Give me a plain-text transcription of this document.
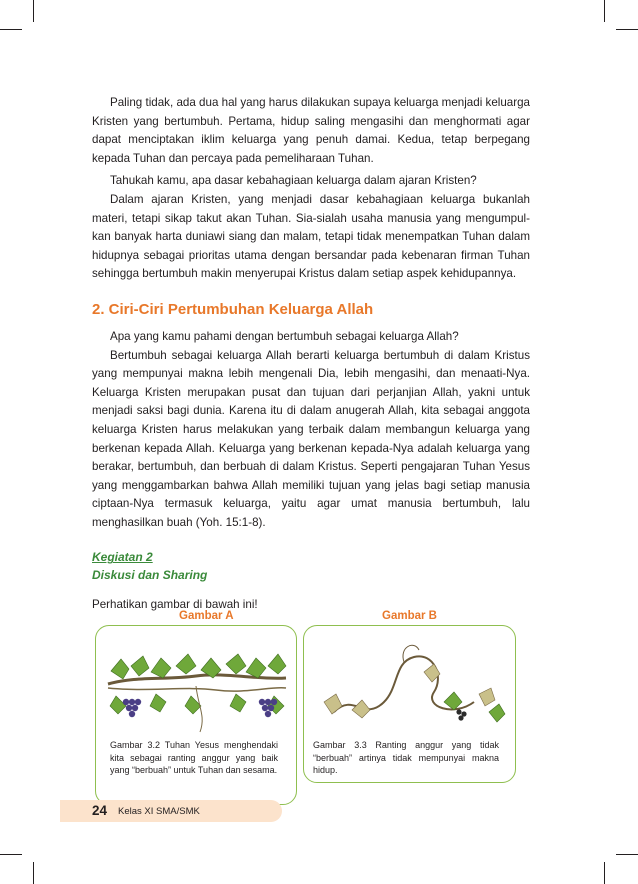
Paling tidak, ada dua hal yang harus dilakukan supaya keluarga menjadi keluarga Kristen yang bertumbuh. Pertama, hidup saling mengasihi dan menghormati agar dapat menciptakan iklim keluarga yang penuh damai. Kedua, tetap berpegang kepada Tuhan dan percaya pada pemeliharaan Tuhan.

Tahukah kamu, apa dasar kebahagiaan keluarga dalam ajaran Kristen?

Dalam ajaran Kristen, yang menjadi dasar kebahagiaan keluarga bukanlah materi, tetapi sikap takut akan Tuhan. Sia-sialah usaha manusia yang mengumpul-kan banyak harta duniawi siang dan malam, tetapi tidak menempatkan Tuhan dalam hidupnya sebagai prioritas utama dengan bersandar pada kebenaran firman Tuhan sehingga bertumbuh makin menyerupai Kristus dalam setiap aspek kehidupannya.

2. Ciri-Ciri Pertumbuhan Keluarga Allah

Apa yang kamu pahami dengan bertumbuh sebagai keluarga Allah?

Bertumbuh sebagai keluarga Allah berarti keluarga bertumbuh di dalam Kristus yang mempunyai makna lebih mengenali Dia, lebih mengasihi, dan menaati-Nya. Keluarga Kristen merupakan pusat dan tujuan dari perjanjian Allah, yakni untuk menjadi saksi bagi dunia. Karena itu di dalam anugerah Allah, kita sebagai anggota keluarga Kristen harus melakukan yang terbaik dalam membangun keluarga yang berkenan kepada Allah. Keluarga yang berkenan kepada-Nya adalah keluarga yang berakar, bertumbuh, dan berbuah di dalam Kristus. Seperti pengajaran Tuhan Yesus yang menggambarkan bahwa Allah memiliki tujuan yang jelas bagi setiap manusia ciptaan-Nya termasuk keluarga, yaitu agar umat manusia bertumbuh, lalu menghasilkan buah (Yoh. 15:1-8).

Kegiatan 2
Diskusi dan Sharing

Perhatikan gambar di bawah ini!

Gambar A	Gambar B
Gambar 3.2 Tuhan Yesus menghendaki kita sebagai ranting anggur yang baik yang “berbuah” untuk Tuhan dan sesama.
Gambar 3.3 Ranting anggur yang tidak “berbuah” artinya tidak mempunyai makna hidup.
24 Kelas XI SMA/SMK
